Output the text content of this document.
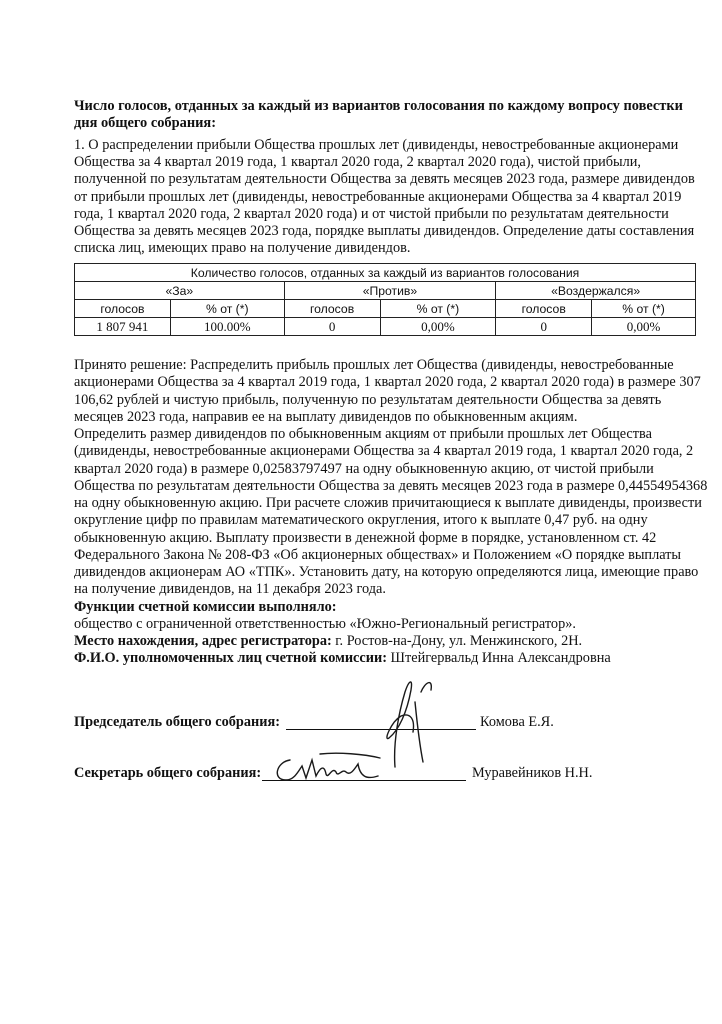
Число голосов, отданных за каждый из вариантов голосования по каждому вопросу повестки дня общего собрания:
1. О распределении прибыли Общества прошлых лет (дивиденды, невостребованные акционерами Общества за 4 квартал 2019 года, 1 квартал 2020 года, 2 квартал 2020 года), чистой прибыли, полученной по результатам деятельности Общества за девять месяцев 2023 года, размере дивидендов от прибыли прошлых лет (дивиденды, невостребованные акционерами Общества за 4 квартал 2019 года, 1 квартал 2020 года, 2 квартал 2020 года) и от чистой прибыли по результатам деятельности Общества за девять месяцев 2023 года, порядке выплаты дивидендов. Определение даты составления списка лиц, имеющих право на получение дивидендов.
Количество голосов, отданных за каждый из вариантов голосования					
«За»		«Против»		«Воздержался»	
голосов	% от (*)	голосов	% от (*)	голосов	% от (*)
1 807 941	100.00%	0	0,00%	0	0,00%
Принято решение: Распределить прибыль прошлых лет Общества (дивиденды, невостребованные акционерами Общества за 4 квартал 2019 года, 1 квартал 2020 года, 2 квартал 2020 года) в размере 307 106,62 рублей и чистую прибыль, полученную по результатам деятельности Общества за девять месяцев 2023 года, направив ее на выплату дивидендов по обыкновенным акциям.
Определить размер дивидендов по обыкновенным акциям от прибыли прошлых лет Общества (дивиденды, невостребованные акционерами Общества за 4 квартал 2019 года, 1 квартал 2020 года, 2 квартал 2020 года) в размере 0,02583797497 на одну обыкновенную акцию, от чистой прибыли Общества по результатам деятельности Общества за девять месяцев 2023 года в размере 0,44554954368 на одну обыкновенную акцию. При расчете сложив причитающиеся к выплате дивиденды, произвести округление цифр по правилам математического округления, итого к выплате 0,47 руб. на одну обыкновенную акцию. Выплату произвести в денежной форме в порядке, установленном ст. 42 Федерального Закона № 208-ФЗ «Об акционерных обществах» и Положением «О порядке выплаты дивидендов акционерам АО «ТПК». Установить дату, на которую определяются лица, имеющие право на получение дивидендов, на 11 декабря 2023 года.
Функции счетной комиссии выполняло:
общество с ограниченной ответственностью «Южно-Региональный регистратор».
Место нахождения, адрес регистратора: г. Ростов-на-Дону, ул. Менжинского, 2Н.
Ф.И.О. уполномоченных лиц счетной комиссии: Штейгервальд Инна Александровна
Председатель общего собрания:	Комова Е.Я.
Секретарь общего собрания:	Муравейников Н.Н.
